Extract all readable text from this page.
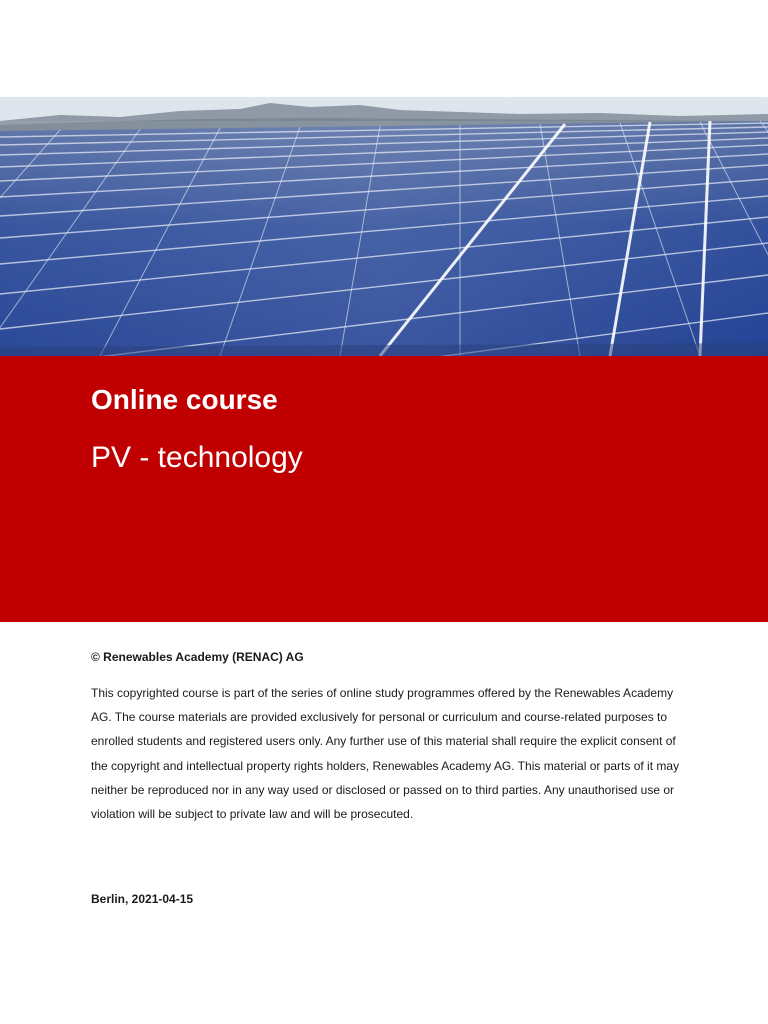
Online course
PV - technology

© Renewables Academy (RENAC) AG

This copyrighted course is part of the series of online study programmes offered by the Renewables Academy AG. The course materials are provided exclusively for personal or curriculum and course-related purposes to enrolled students and registered users only. Any further use of this material shall require the explicit consent of the copyright and intellectual property rights holders, Renewables Academy AG. This material or parts of it may neither be reproduced nor in any way used or disclosed or passed on to third parties. Any unauthorised use or violation will be subject to private law and will be prosecuted.

Berlin, 2021-04-15
